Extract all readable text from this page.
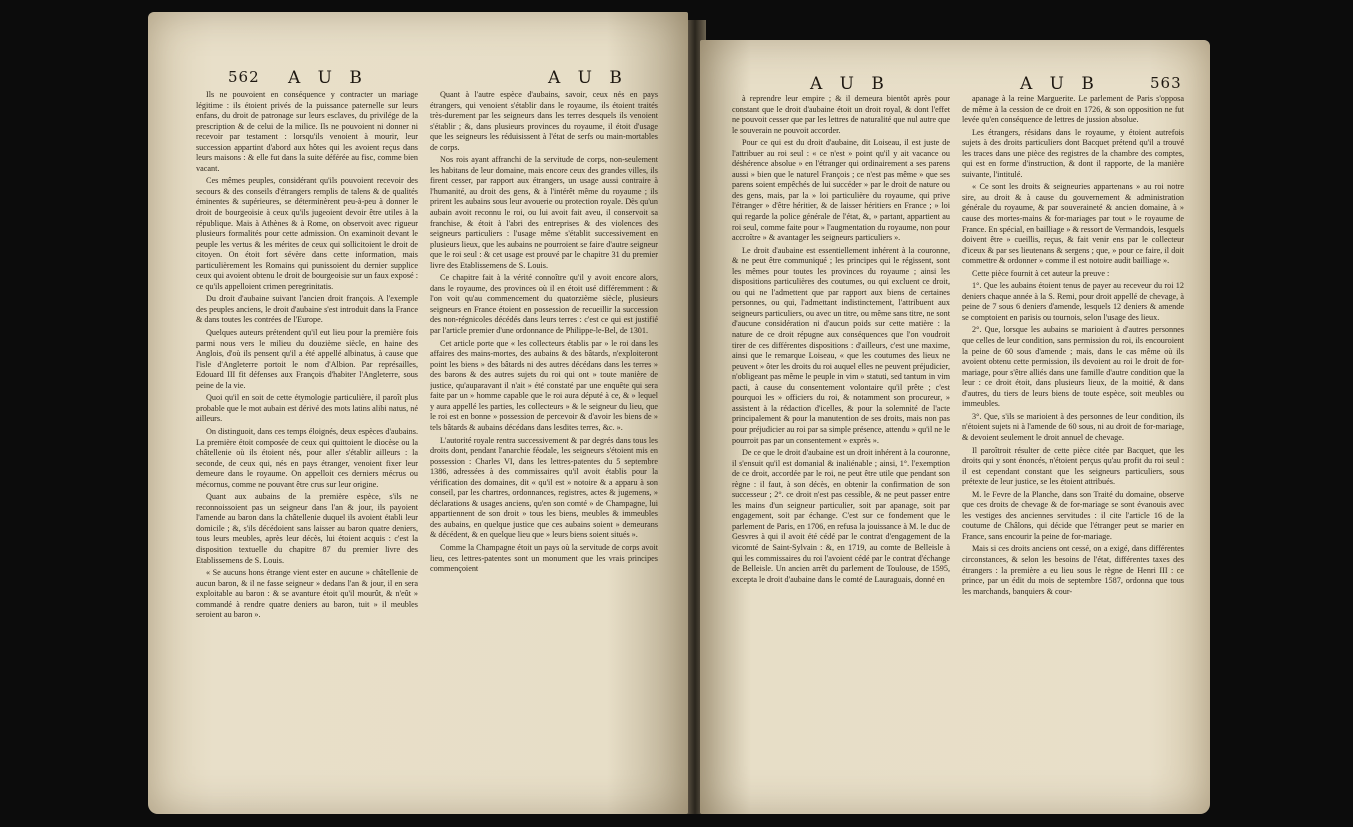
562 A U B	A U B

Ils ne pouvoient en conséquence y contracter un mariage légitime : ils étoient privés de la puissance paternelle sur leurs enfans, du droit de patronage sur leurs esclaves, du privilége de la prescription & de celui de la milice. Ils ne pouvoient ni donner ni recevoir par testament : lorsqu'ils venoient à mourir, leur succession appartint d'abord aux hôtes qui les avoient reçus dans leurs maisons : & elle fut dans la suite déférée au fisc, comme bien vacant.

Ces mêmes peuples, considérant qu'ils pouvoient recevoir des secours & des conseils d'étrangers remplis de talens & de qualités éminentes & supérieures, se déterminèrent peu-à-peu à donner le droit de bourgeoisie à ceux qu'ils jugeoient devoir être utiles à la république. Mais à Athènes & à Rome, on observoit avec rigueur plusieurs formalités pour cette admission. On examinoit devant le peuple les vertus & les mérites de ceux qui sollicitoient le droit de citoyen. On étoit fort sévère dans cette information, mais particulièrement les Romains qui punissoient du dernier supplice ceux qui avoient obtenu le droit de bourgeoisie sur un faux exposé : ce qu'ils appelloient crimen peregrinitatis.

Du droit d'aubaine suivant l'ancien droit françois. A l'exemple des peuples anciens, le droit d'aubaine s'est introduit dans la France & dans toutes les contrées de l'Europe.

Quelques auteurs prétendent qu'il eut lieu pour la première fois parmi nous vers le milieu du douzième siècle, en haine des Anglois, d'où ils pensent qu'il a été appellé albinatus, à cause que l'isle d'Angleterre portoit le nom d'Albion. Par représailles, Edouard III fit défenses aux François d'habiter l'Angleterre, sous peine de la vie.

Quoi qu'il en soit de cette étymologie particulière, il paroît plus probable que le mot aubain est dérivé des mots latins alibi natus, né ailleurs.

On distinguoit, dans ces temps éloignés, deux espèces d'aubains. La première étoit composée de ceux qui quittoient le diocèse ou la châtellenie où ils étoient nés, pour aller s'établir ailleurs : la seconde, de ceux qui, nés en pays étranger, venoient fixer leur demeure dans le royaume. On appelloit ces derniers mécrus ou mécornus, comme ne pouvant être crus sur leur origine.

Quant aux aubains de la première espèce, s'ils ne reconnoissoient pas un seigneur dans l'an & jour, ils payoient l'amende au baron dans la châtellenie duquel ils avoient établi leur domicile ; &, s'ils décédoient sans laisser au baron quatre deniers, tous leurs meubles, après leur décès, lui étoient acquis : c'est la disposition textuelle du chapitre 87 du premier livre des Etablissemens de S. Louis.

« Se aucuns hons étrange vient ester en aucune » châtellenie de aucun baron, & il ne fasse seigneur » dedans l'an & jour, il en sera exploitable au baron : & se avanture étoit qu'il mourût, & n'eût » commandé à rendre quatre deniers au baron, tuit » il meubles seroient au baron ».

Quant à l'autre espèce d'aubains, savoir, ceux nés en pays étrangers, qui venoient s'établir dans le royaume, ils étoient traités très-durement par les seigneurs dans les terres desquels ils venoient s'établir ; &, dans plusieurs provinces du royaume, il étoit d'usage que les seigneurs les réduisissent à l'état de serfs ou main-mortables de corps.

Nos rois ayant affranchi de la servitude de corps, non-seulement les habitans de leur domaine, mais encore ceux des grandes villes, ils firent cesser, par rapport aux étrangers, un usage aussi contraire à l'humanité, au droit des gens, & à l'intérêt même du royaume ; ils prirent les aubains sous leur avouerie ou protection royale. Dès qu'un aubain avoit reconnu le roi, ou lui avoit fait aveu, il conservoit sa franchise, & étoit à l'abri des entreprises & des violences des seigneurs particuliers : l'usage même s'établit successivement en plusieurs lieux, que les aubains ne pourroient se faire d'autre seigneur que le roi seul : & cet usage est prouvé par le chapitre 31 du premier livre des Etablissemens de S. Louis.

Ce chapitre fait à la vérité connoître qu'il y avoit encore alors, dans le royaume, des provinces où il en étoit usé différemment : & l'on voit qu'au commencement du quatorzième siècle, plusieurs seigneurs en France étoient en possession de recueillir la succession des non-régnicoles décédés dans leurs terres : c'est ce qui est justifié par l'article premier d'une ordonnance de Philippe-le-Bel, de 1301.

Cet article porte que « les collecteurs établis par » le roi dans les affaires des mains-mortes, des aubains & des bâtards, n'exploiteront point les biens » des bâtards ni des autres décédans dans les terres » des barons & des autres sujets du roi qui ont » toute manière de justice, qu'auparavant il n'ait » été constaté par une enquête qui sera faite par un » homme capable que le roi aura député à ce, & » lequel y aura appellé les parties, les collecteurs » & le seigneur du lieu, que le roi est en bonne » possession de percevoir & d'avoir les biens de » tels bâtards & aubains décédans dans lesdites terres, &c. ».

L'autorité royale rentra successivement & par degrés dans tous les droits dont, pendant l'anarchie féodale, les seigneurs s'étoient mis en possession : Charles VI, dans les lettres-patentes du 5 septembre 1386, adressées à des commissaires qu'il avoit établis pour la vérification des domaines, dit « qu'il est » notoire & a apparu à son conseil, par les chartres, ordonnances, registres, actes & jugemens, » déclarations & usages anciens, qu'en son comté » de Champagne, lui appartiennent de son droit » tous les biens, meubles & immeubles des aubains, en quelque justice que ces aubains soient » demeurans & décédent, & en quelque lieu que » leurs biens soient situés ».

Comme la Champagne étoit un pays où la servitude de corps avoit lieu, ces lettres-patentes sont un monument que les vrais principes commençoient

A U B	A U B	563

à reprendre leur empire ; & il demeura bientôt après pour constant que le droit d'aubaine étoit un droit royal, & dont l'effet ne pouvoit cesser que par les lettres de naturalité que nul autre que le souverain ne pouvoit accorder.

Pour ce qui est du droit d'aubaine, dit Loiseau, il est juste de l'attribuer au roi seul : « ce n'est » point qu'il y ait vacance ou déshérence absolue » en l'étranger qui ordinairement a ses parens aussi » bien que le naturel François ; ce n'est pas même » que ses parens soient empêchés de lui succéder » par le droit de nature ou des gens, mais, par la » loi particulière du royaume, qui prive l'étranger » d'être héritier, & de laisser héritiers en France ; » loi qui regarde la police générale de l'état, &, » partant, appartient au roi seul, comme faite pour » l'augmentation du royaume, non pour accroître » & avantager les seigneurs particuliers ».

Le droit d'aubaine est essentiellement inhérent à la couronne, & ne peut être communiqué ; les principes qui le régissent, sont les mêmes pour toutes les provinces du royaume ; ainsi les dispositions particulières des coutumes, ou qui excluent ce droit, ou qui ne l'admettent que par rapport aux biens de certaines personnes, ou qui, l'admettant indistinctement, l'attribuent aux seigneurs particuliers, ou avec un titre, ou même sans titre, ne sont d'aucune considération ni d'aucun poids sur cette matière : la nature de ce droit répugne aux conséquences que l'on voudroit tirer de ces différentes dispositions : d'ailleurs, c'est une maxime, ainsi que le remarque Loiseau, « que les coutumes des lieux ne peuvent » ôter les droits du roi auquel elles ne peuvent préjudicier, n'obligeant pas même le peuple in vim » statuti, sed tantum in vim pacti, à cause du consentement volontaire qu'il prête ; c'est pourquoi les » officiers du roi, & notamment son procureur, » assistent à la rédaction d'icelles, & pour la solemnité de l'acte principalement & pour la manutention de ses droits, mais non pas pour préjudicier au roi par sa simple présence, attendu » qu'il ne le pourroit pas par un consentement » exprès ».

De ce que le droit d'aubaine est un droit inhérent à la couronne, il s'ensuit qu'il est domanial & inaliénable ; ainsi, 1°. l'exemption de ce droit, accordée par le roi, ne peut être utile que pendant son règne : il faut, à son décès, en obtenir la confirmation de son successeur ; 2°. ce droit n'est pas cessible, & ne peut passer entre les mains d'un seigneur particulier, soit par apanage, soit par engagement, soit par échange. C'est sur ce fondement que le parlement de Paris, en 1706, en refusa la jouissance à M. le duc de Gesvres à qui il avoit été cédé par le contrat d'engagement de la vicomté de Saint-Sylvain : &, en 1719, au comte de Belleisle à qui les commissaires du roi l'avoient cédé par le contrat d'échange de Belleisle. Un ancien arrêt du parlement de Toulouse, de 1595, excepta le droit d'aubaine dans le comté de Lauraguais, donné en

apanage à la reine Marguerite. Le parlement de Paris s'opposa de même à la cession de ce droit en 1726, & son opposition ne fut levée qu'en conséquence de lettres de jussion absolue.

Les étrangers, résidans dans le royaume, y étoient autrefois sujets à des droits particuliers dont Bacquet prétend qu'il a trouvé les traces dans une pièce des registres de la chambre des comptes, qui est en forme d'instruction, & dont il rapporte, de la manière suivante, l'intitulé.

« Ce sont les droits & seigneuries appartenans » au roi notre sire, au droit & à cause du gouvernement & administration générale du royaume, & par souveraineté & ancien domaine, à » cause des mortes-mains & for-mariages par tout » le royaume de France. En spécial, en bailliage » & ressort de Vermandois, lesquels doivent être » cueillis, reçus, & fait venir ens par le collecteur d'iceux & par ses lieutenans & sergens ; que, » pour ce faire, il doit commettre & ordonner » comme il est notoire audit bailliage ».

Cette pièce fournit à cet auteur la preuve :

1°. Que les aubains étoient tenus de payer au receveur du roi 12 deniers chaque année à la S. Remi, pour droit appellé de chevage, à peine de 7 sous 6 deniers d'amende, lesquels 12 deniers & amende se comptoient en parisis ou tournois, selon l'usage des lieux.

2°. Que, lorsque les aubains se marioient à d'autres personnes que celles de leur condition, sans permission du roi, ils encouroient la peine de 60 sous d'amende ; mais, dans le cas même où ils avoient obtenu cette permission, ils devoient au roi le droit de for-mariage, pour s'être alliés dans une famille d'autre condition que la leur : ce droit étoit, dans plusieurs lieux, de la moitié, & dans d'autres, du tiers de leurs biens de toute espèce, soit meubles ou immeubles.

3°. Que, s'ils se marioient à des personnes de leur condition, ils n'étoient sujets ni à l'amende de 60 sous, ni au droit de for-mariage, & devoient seulement le droit annuel de chevage.

Il paroîtroit résulter de cette pièce citée par Bacquet, que les droits qui y sont énoncés, n'étoient perçus qu'au profit du roi seul : il est cependant constant que les seigneurs particuliers, sous prétexte de leur justice, se les étoient attribués.

M. le Fevre de la Planche, dans son Traité du domaine, observe que ces droits de chevage & de for-mariage se sont évanouis avec les vestiges des anciennes servitudes : il cite l'article 16 de la coutume de Châlons, qui décide que l'étranger peut se marier en France, sans encourir la peine de for-mariage.

Mais si ces droits anciens ont cessé, on a exigé, dans différentes circonstances, & selon les besoins de l'état, différentes taxes des étrangers : la première a eu lieu sous le règne de Henri III : ce prince, par un édit du mois de septembre 1587, ordonna que tous les marchands, banquiers & cour-
